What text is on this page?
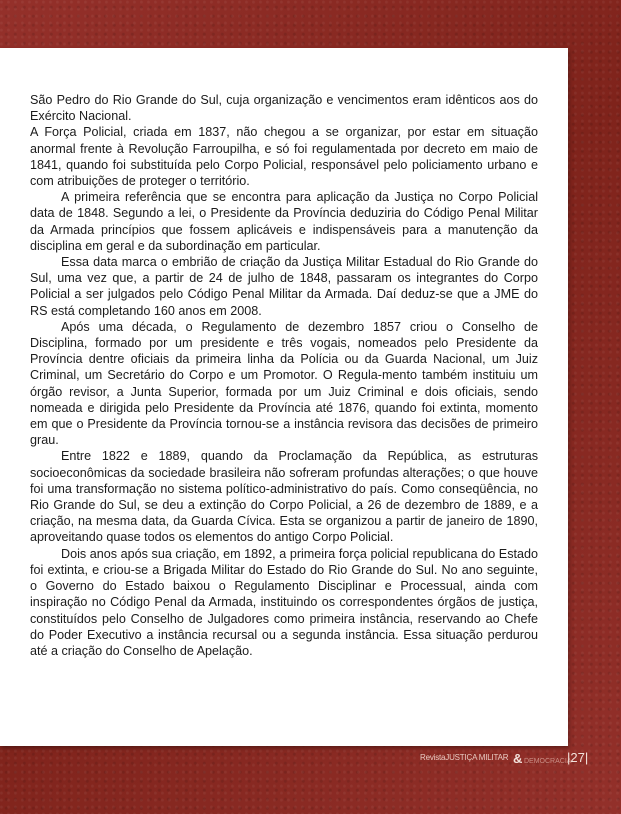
São Pedro do Rio Grande do Sul, cuja organização e vencimentos eram idênticos aos do Exército Nacional.

A Força Policial, criada em 1837, não chegou a se organizar, por estar em situação anormal frente à Revolução Farroupilha, e só foi regulamentada por decreto em maio de 1841, quando foi substituída pelo Corpo Policial, responsável pelo policiamento urbano e com atribuições de proteger o território.

A primeira referência que se encontra para aplicação da Justiça no Corpo Policial data de 1848. Segundo a lei, o Presidente da Província deduziria do Código Penal Militar da Armada princípios que fossem aplicáveis e indispensáveis para a manutenção da disciplina em geral e da subordinação em particular.

Essa data marca o embrião de criação da Justiça Militar Estadual do Rio Grande do Sul, uma vez que, a partir de 24 de julho de 1848, passaram os integrantes do Corpo Policial a ser julgados pelo Código Penal Militar da Armada. Daí deduz-se que a JME do RS está completando 160 anos em 2008.

Após uma década, o Regulamento de dezembro 1857 criou o Conselho de Disciplina, formado por um presidente e três vogais, nomeados pelo Presidente da Província dentre oficiais da primeira linha da Polícia ou da Guarda Nacional, um Juiz Criminal, um Secretário do Corpo e um Promotor. O Regula-mento também instituiu um órgão revisor, a Junta Superior, formada por um Juiz Criminal e dois oficiais, sendo nomeada e dirigida pelo Presidente da Província até 1876, quando foi extinta, momento em que o Presidente da Província tornou-se a instância revisora das decisões de primeiro grau.

Entre 1822 e 1889, quando da Proclamação da República, as estruturas socioeconômicas da sociedade brasileira não sofreram profundas alterações; o que houve foi uma transformação no sistema político-administrativo do país. Como conseqüência, no Rio Grande do Sul, se deu a extinção do Corpo Policial, a 26 de dezembro de 1889, e a criação, na mesma data, da Guarda Cívica. Esta se organizou a partir de janeiro de 1890, aproveitando quase todos os elementos do antigo Corpo Policial.

Dois anos após sua criação, em 1892, a primeira força policial republicana do Estado foi extinta, e criou-se a Brigada Militar do Estado do Rio Grande do Sul. No ano seguinte, o Governo do Estado baixou o Regulamento Disciplinar e Processual, ainda com inspiração no Código Penal da Armada, instituindo os correspondentes órgãos de justiça, constituídos pelo Conselho de Julgadores como primeira instância, reservando ao Chefe do Poder Executivo a instância recursal ou a segunda instância. Essa situação perdurou até a criação do Conselho de Apelação.

RevistaJUSTIÇA MILITAR & DEMOCRACIA
|27|
